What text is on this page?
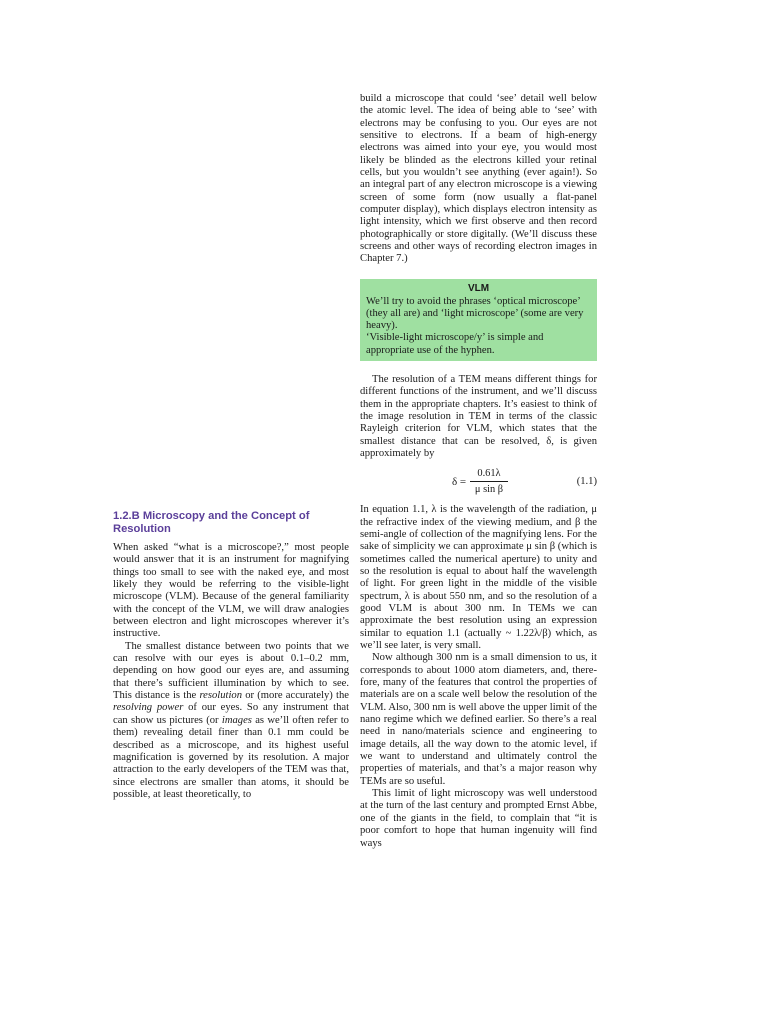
build a microscope that could ‘see’ detail well below the atomic level. The idea of being able to ‘see’ with electrons may be confusing to you. Our eyes are not sensitive to electrons. If a beam of high-energy electrons was aimed into your eye, you would most likely be blinded as the electrons killed your retinal cells, but you wouldn’t see anything (ever again!). So an integral part of any electron microscope is a viewing screen of some form (now usually a flat-panel computer display), which displays electron intensity as light intensity, which we first observe and then record photographically or store digitally. (We’ll discuss these screens and other ways of recording electron images in Chapter 7.)

VLM

We’ll try to avoid the phrases ‘optical microscope’ (they all are) and ‘light microscope’ (some are very heavy).

‘Visible-light microscope/y’ is simple and appropriate use of the hyphen.

The resolution of a TEM means different things for different functions of the instrument, and we’ll discuss them in the appropriate chapters. It’s easiest to think of the image resolution in TEM in terms of the classic Rayleigh criterion for VLM, which states that the smallest distance that can be resolved, δ, is given approximately by

$\delta = \frac{0.61\lambda}{\text{μ sin β}}$	(1.1)

In equation 1.1, λ is the wavelength of the radiation, μ the refractive index of the viewing medium, and β the semi-angle of collection of the magnifying lens. For the sake of simplicity we can approximate μ sin β (which is sometimes called the numerical aperture) to unity and so the resolution is equal to about half the wavelength of light. For green light in the middle of the visible spectrum, λ is about 550 nm, and so the resolution of a good VLM is about 300 nm. In TEMs we can approximate the best resolution using an expression similar to equation 1.1 (actually ~ 1.22λ/β) which, as we’ll see later, is very small.

Now although 300 nm is a small dimension to us, it corresponds to about 1000 atom diameters, and, therefore, many of the features that control the properties of materials are on a scale well below the resolution of the VLM. Also, 300 nm is well above the upper limit of the nano regime which we defined earlier. So there’s a real need in nano/materials science and engineering to image details, all the way down to the atomic level, if we want to understand and ultimately control the properties of materials, and that’s a major reason why TEMs are so useful.

This limit of light microscopy was well understood at the turn of the last century and prompted Ernst Abbe, one of the giants in the field, to complain that “it is poor comfort to hope that human ingenuity will find ways

1.2.B Microscopy and the Concept of Resolution

When asked “what is a microscope?,” most people would answer that it is an instrument for magnifying things too small to see with the naked eye, and most likely they would be referring to the visible-light microscope (VLM). Because of the general familiarity with the concept of the VLM, we will draw analogies between electron and light microscopes wherever it’s instructive.

The smallest distance between two points that we can resolve with our eyes is about 0.1–0.2 mm, depending on how good our eyes are, and assuming that there’s sufficient illumination by which to see. This distance is the resolution or (more accurately) the resolving power of our eyes. So any instrument that can show us pictures (or images as we’ll often refer to them) revealing detail finer than 0.1 mm could be described as a microscope, and its highest useful magnification is governed by its resolution. A major attraction to the early developers of the TEM was that, since electrons are smaller than atoms, it should be possible, at least theoretically, to
